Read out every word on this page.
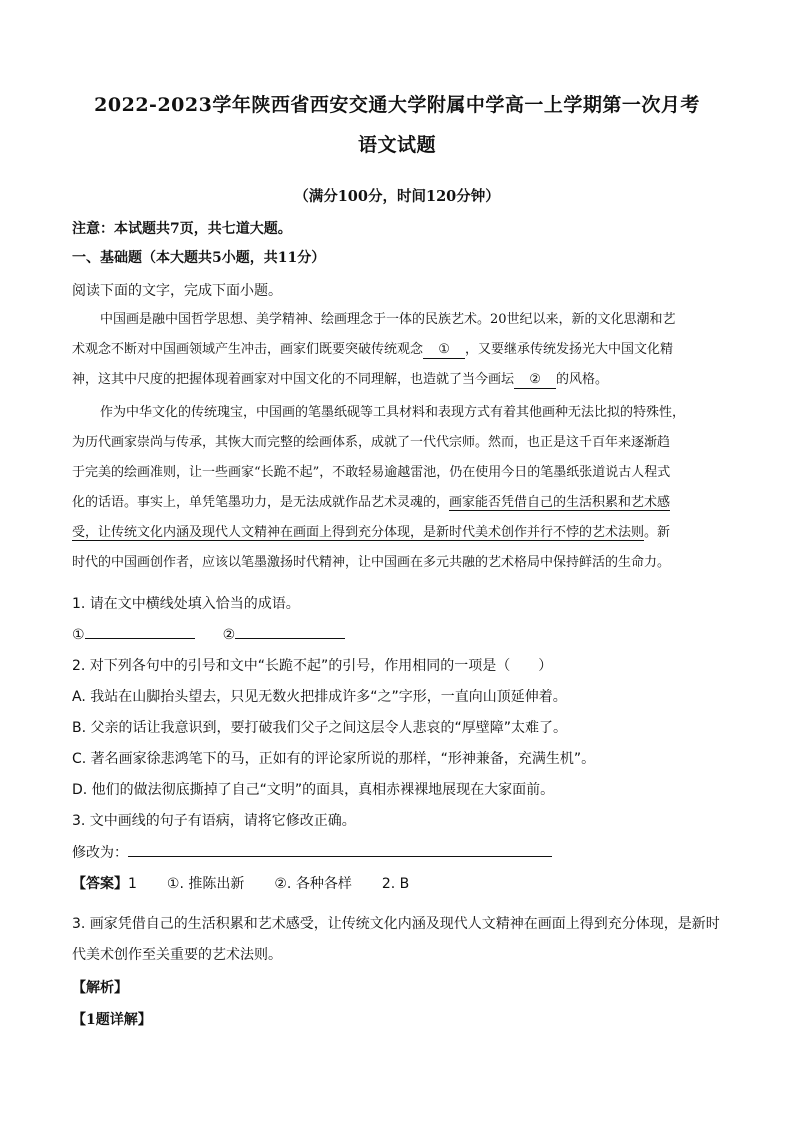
2022-2023学年陕西省西安交通大学附属中学高一上学期第一次月考
语文试题
（满分100分，时间120分钟）
注意：本试题共7页，共七道大题。
一、基础题（本大题共5小题，共11分）
阅读下面的文字，完成下面小题。
中国画是融中国哲学思想、美学精神、绘画理念于一体的民族艺术。20世纪以来，新的文化思潮和艺
术观念不断对中国画领域产生冲击，画家们既要突破传统观念 ① ，又要继承传统发扬光大中国文化精
神，这其中尺度的把握体现着画家对中国文化的不同理解，也造就了当今画坛 ② 的风格。
作为中华文化的传统瑰宝，中国画的笔墨纸砚等工具材料和表现方式有着其他画种无法比拟的特殊性，
为历代画家崇尚与传承，其恢大而完整的绘画体系，成就了一代代宗师。然而，也正是这千百年来逐渐趋
于完美的绘画准则，让一些画家“长跪不起”，不敢轻易逾越雷池，仍在使用今日的笔墨纸张道说古人程式
化的话语。事实上，单凭笔墨功力，是无法成就作品艺术灵魂的，画家能否凭借自己的生活积累和艺术感
受，让传统文化内涵及现代人文精神在画面上得到充分体现，是新时代美术创作并行不悖的艺术法则。新
时代的中国画创作者，应该以笔墨激扬时代精神，让中国画在多元共融的艺术格局中保持鲜活的生命力。
1. 请在文中横线处填入恰当的成语。
①	②
2. 对下列各句中的引号和文中“长跪不起”的引号，作用相同的一项是（　　）
A. 我站在山脚抬头望去，只见无数火把排成许多“之”字形，一直向山顶延伸着。
B. 父亲的话让我意识到，要打破我们父子之间这层令人悲哀的“厚壁障”太难了。
C. 著名画家徐悲鸿笔下的马，正如有的评论家所说的那样，“形神兼备，充满生机”。
D. 他们的做法彻底撕掉了自己“文明”的面具，真相赤裸裸地展现在大家面前。
3. 文中画线的句子有语病，请将它修改正确。
修改为：
【答案】1 ①. 推陈出新 ②. 各种各样 2. B
3. 画家凭借自己的生活积累和艺术感受，让传统文化内涵及现代人文精神在画面上得到充分体现，是新时
代美术创作至关重要的艺术法则。
【解析】
【1题详解】
